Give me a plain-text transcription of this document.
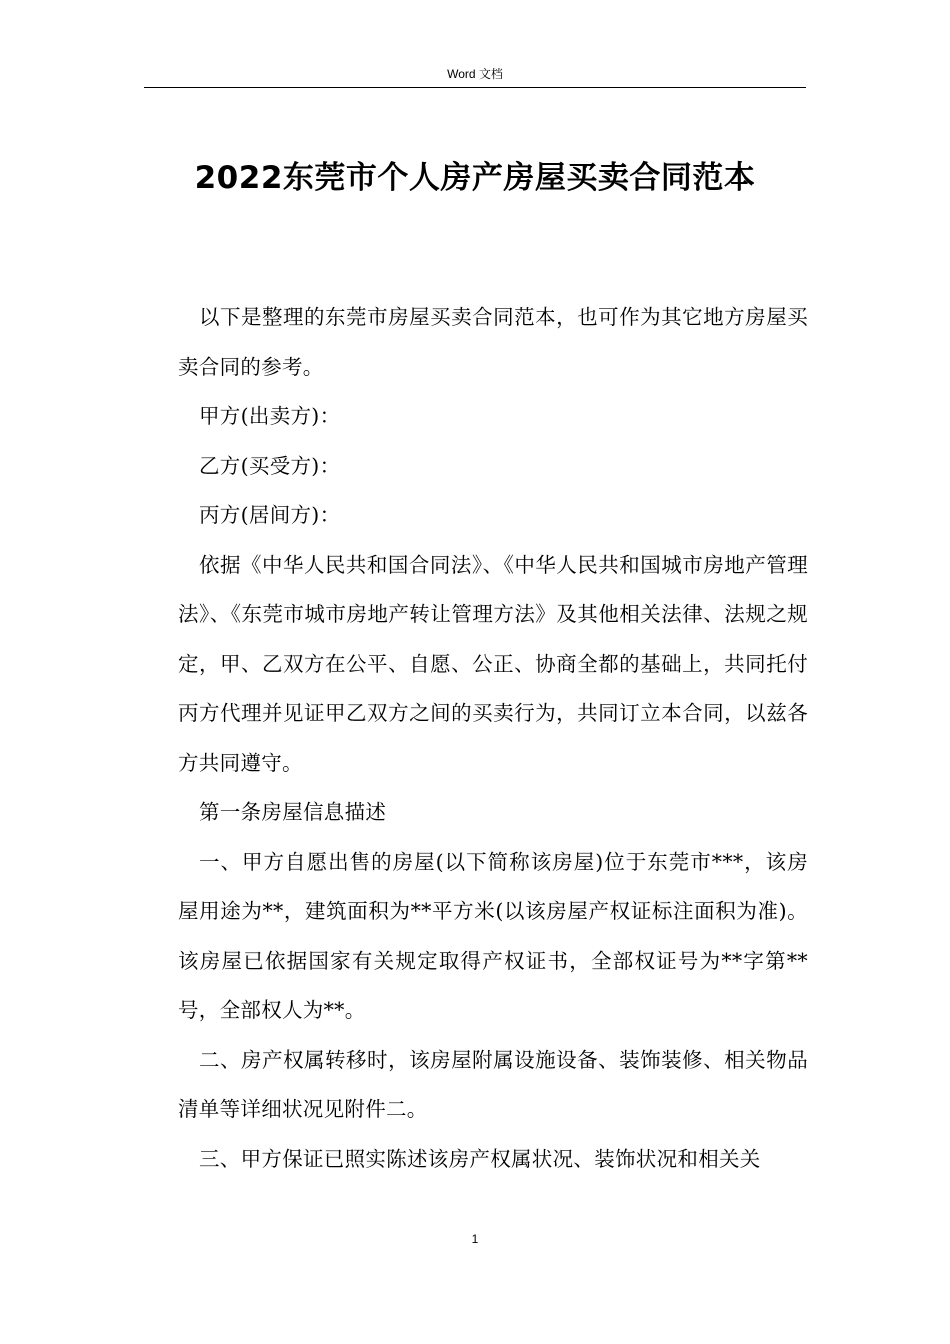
Word 文档
2022东莞市个人房产房屋买卖合同范本

以下是整理的东莞市房屋买卖合同范本，也可作为其它地方房屋买卖合同的参考。

甲方(出卖方)：

乙方(买受方)：

丙方(居间方)：

依据《中华人民共和国合同法》、《中华人民共和国城市房地产管理法》、《东莞市城市房地产转让管理方法》及其他相关法律、法规之规定，甲、乙双方在公平、自愿、公正、协商全都的基础上，共同托付丙方代理并见证甲乙双方之间的买卖行为，共同订立本合同，以兹各方共同遵守。

第一条房屋信息描述

一、甲方自愿出售的房屋(以下简称该房屋)位于东莞市***，该房屋用途为**，建筑面积为**平方米(以该房屋产权证标注面积为准)。该房屋已依据国家有关规定取得产权证书，全部权证号为**字第**号，全部权人为**。

二、房产权属转移时，该房屋附属设施设备、装饰装修、相关物品清单等详细状况见附件二。

三、甲方保证已照实陈述该房产权属状况、装饰状况和相关关

1
